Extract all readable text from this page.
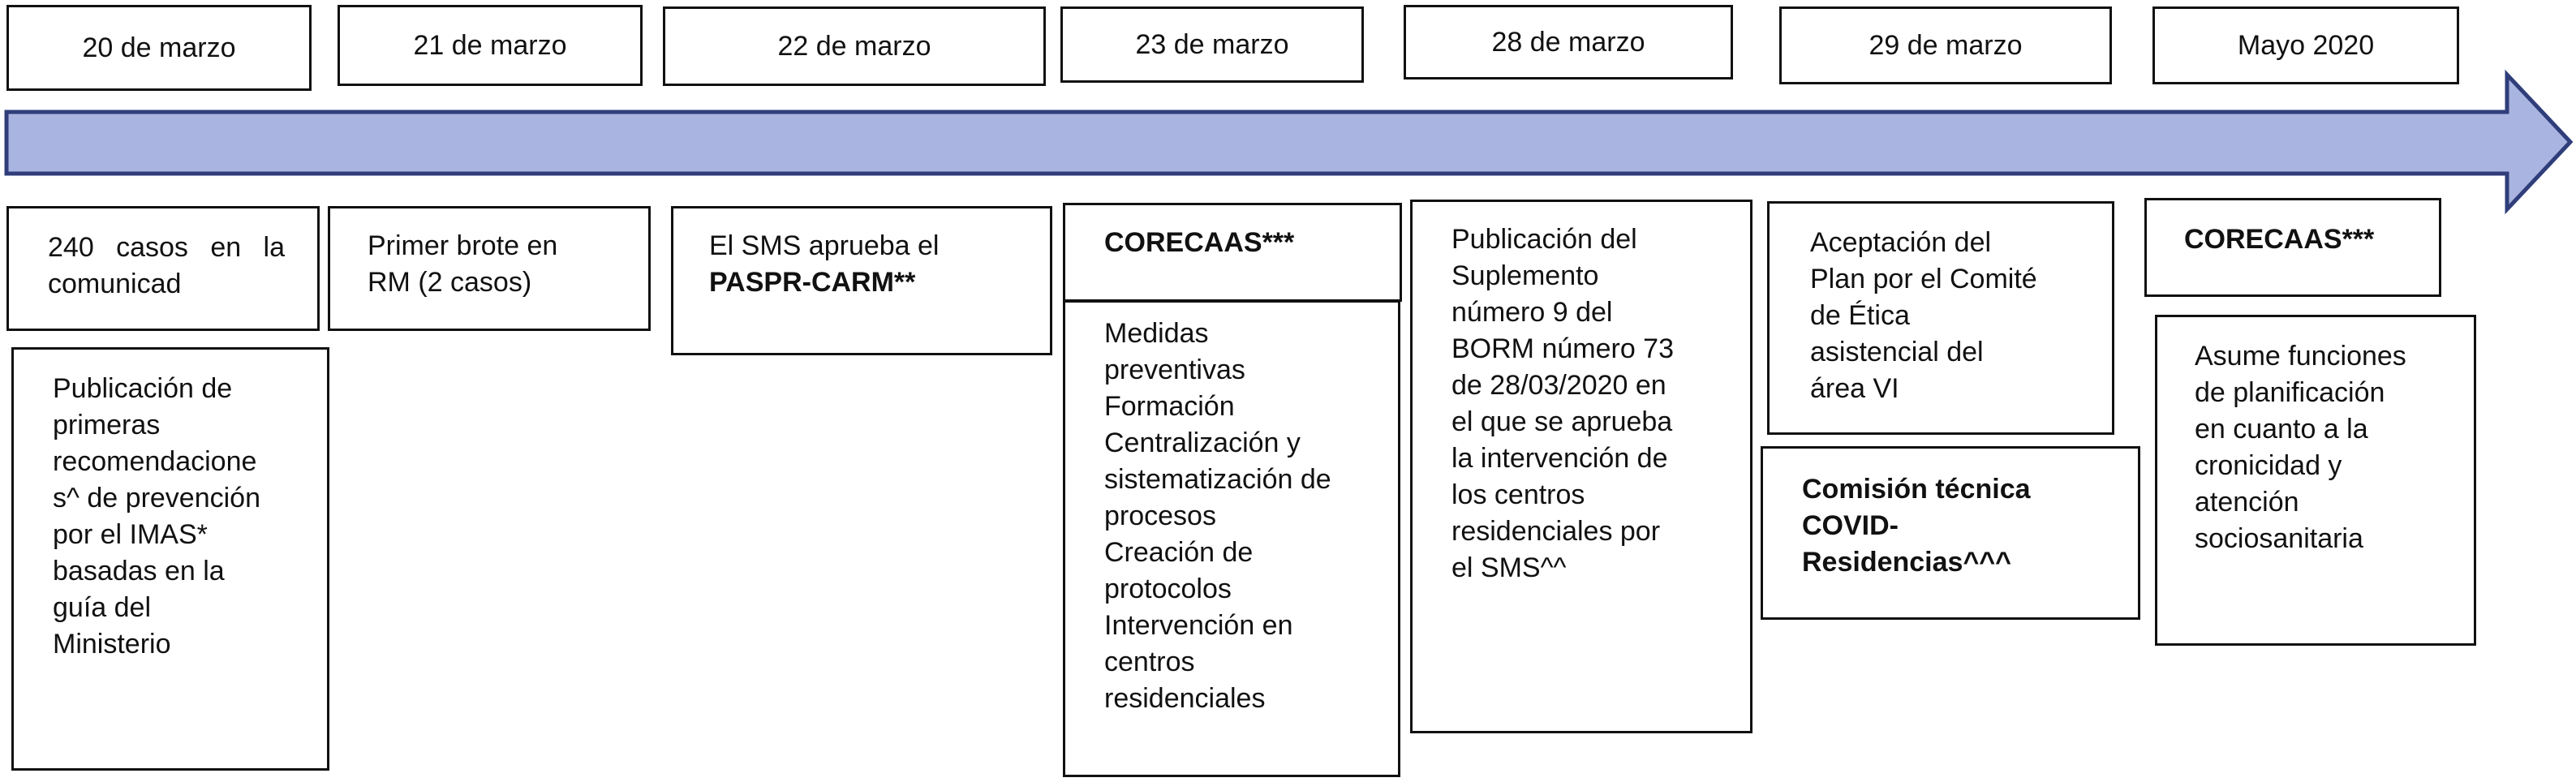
20 de marzo	21 de marzo	22 de marzo	23 de marzo	28 de marzo	29 de marzo	Mayo 2020
240 casos en la comunicad
Publicación de
primeras
recomendacione
s^ de prevención
por el IMAS*
basadas en la
guía del
Ministerio
Primer brote en
RM (2 casos)
El SMS aprueba el
PASPR-CARM**
CORECAAS***
Medidas
preventivas
Formación
Centralización y
sistematización de
procesos
Creación de
protocolos
Intervención en
centros
residenciales
Publicación del
Suplemento
número 9 del
BORM número 73
de 28/03/2020 en
el que se aprueba
la intervención de
los centros
residenciales por
el SMS^^
Aceptación del
Plan por el Comité
de Ética
asistencial del
área VI
Comisión técnica
COVID-
Residencias^^^
CORECAAS***
Asume funciones
de planificación
en cuanto a la
cronicidad y
atención
sociosanitaria
